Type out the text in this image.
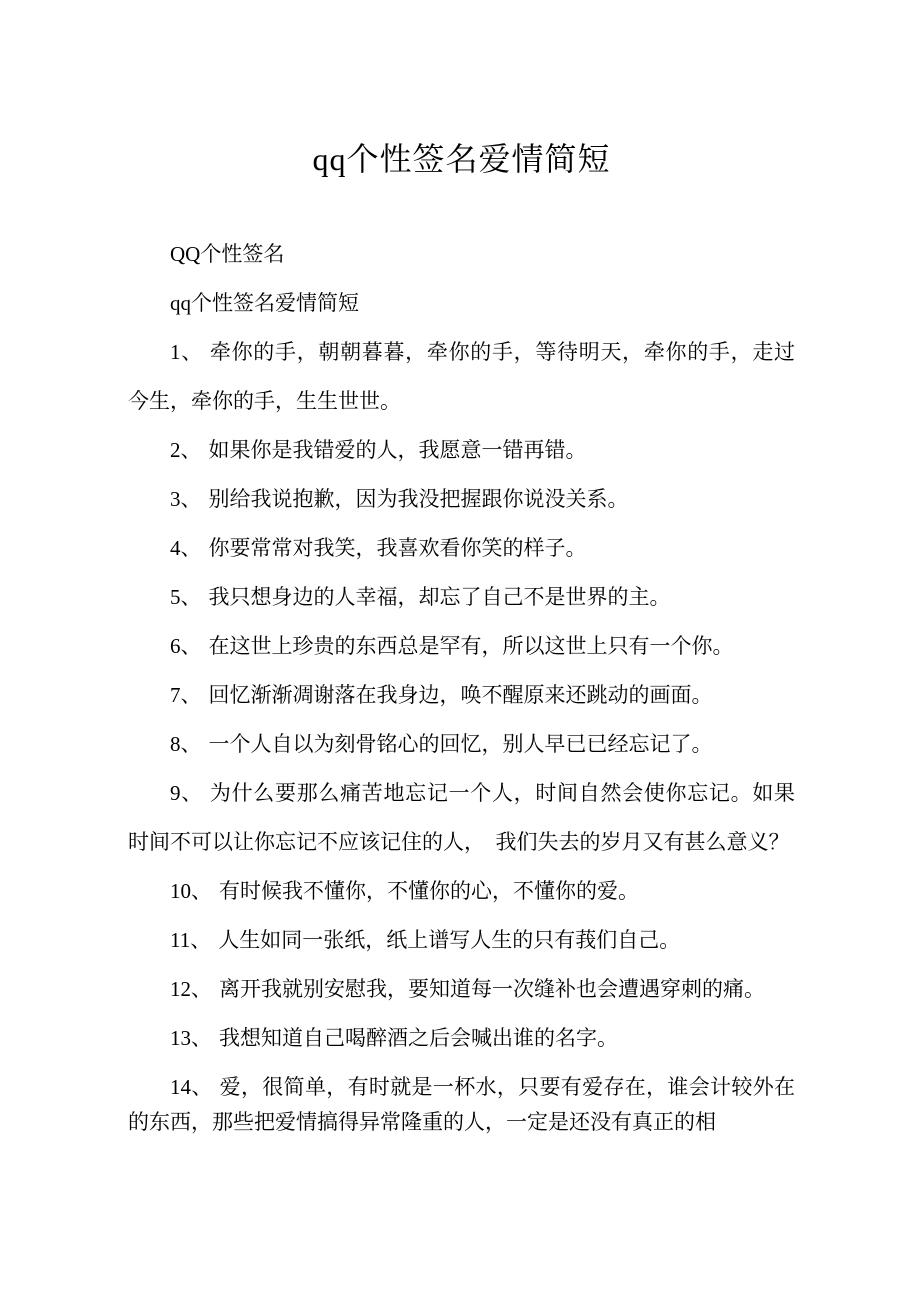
qq个性签名爱情简短

QQ个性签名

qq个性签名爱情简短

1、 牵你的手，朝朝暮暮，牵你的手，等待明天，牵你的手，走过今生，牵你的手，生生世世。

2、 如果你是我错爱的人，我愿意一错再错。

3、 别给我说抱歉，因为我没把握跟你说没关系。

4、 你要常常对我笑，我喜欢看你笑的样子。

5、 我只想身边的人幸福，却忘了自己不是世界的主。

6、 在这世上珍贵的东西总是罕有，所以这世上只有一个你。

7、 回忆渐渐凋谢落在我身边，唤不醒原来还跳动的画面。

8、 一个人自以为刻骨铭心的回忆，别人早已已经忘记了。

9、 为什么要那么痛苦地忘记一个人，时间自然会使你忘记。如果时间不可以让你忘记不应该记住的人，　我们失去的岁月又有甚么意义？

10、 有时候我不懂你，不懂你的心，不懂你的爱。

11、 人生如同一张纸，纸上谱写人生的只有莪们自己。

12、 离开我就别安慰我，要知道每一次缝补也会遭遇穿刺的痛。

13、 我想知道自己喝醉酒之后会喊出谁的名字。

14、 爱，很简单，有时就是一杯水，只要有爱存在，谁会计较外在的东西，那些把爱情搞得异常隆重的人，一定是还没有真正的相
